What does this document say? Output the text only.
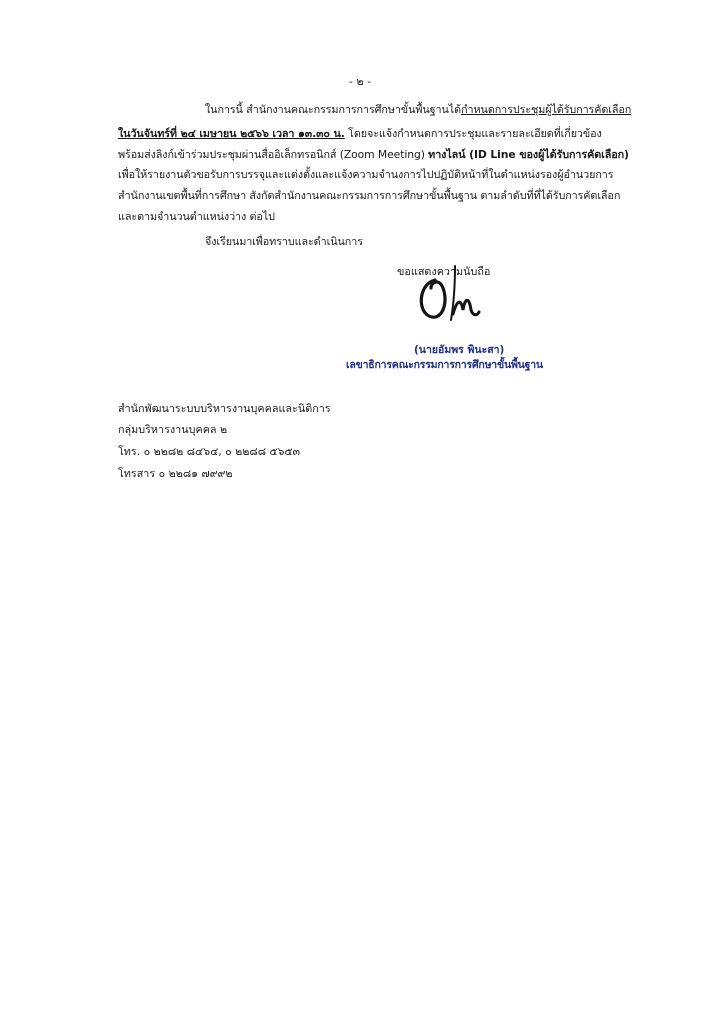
- ๒ -
ในการนี้ สำนักงานคณะกรรมการการศึกษาขั้นพื้นฐานได้กำหนดการประชุมผู้ได้รับการคัดเลือก
ในวันจันทร์ที่ ๒๔ เมษายน ๒๕๖๖ เวลา ๑๓.๓๐ น. โดยจะแจ้งกำหนดการประชุมและรายละเอียดที่เกี่ยวข้อง
พร้อมส่งลิงก์เข้าร่วมประชุมผ่านสื่ออิเล็กทรอนิกส์ (Zoom Meeting) ทางไลน์ (ID Line ของผู้ได้รับการคัดเลือก)
เพื่อให้รายงานตัวขอรับการบรรจุและแต่งตั้งและแจ้งความจำนงการไปปฏิบัติหน้าที่ในตำแหน่งรองผู้อำนวยการ
สำนักงานเขตพื้นที่การศึกษา สังกัดสำนักงานคณะกรรมการการศึกษาขั้นพื้นฐาน ตามลำดับที่ที่ได้รับการคัดเลือก
และตามจำนวนตำแหน่งว่าง ต่อไป
จึงเรียนมาเพื่อทราบและดำเนินการ
ขอแสดงความนับถือ
(นายอัมพร พินะสา)
เลขาธิการคณะกรรมการการศึกษาขั้นพื้นฐาน
สำนักพัฒนาระบบบริหารงานบุคคลและนิติการ
กลุ่มบริหารงานบุคคล ๒
โทร. ๐ ๒๒๘๒ ๘๔๖๔, ๐ ๒๒๘๘ ๕๖๕๓
โทรสาร ๐ ๒๒๘๑ ๗๙๙๒
